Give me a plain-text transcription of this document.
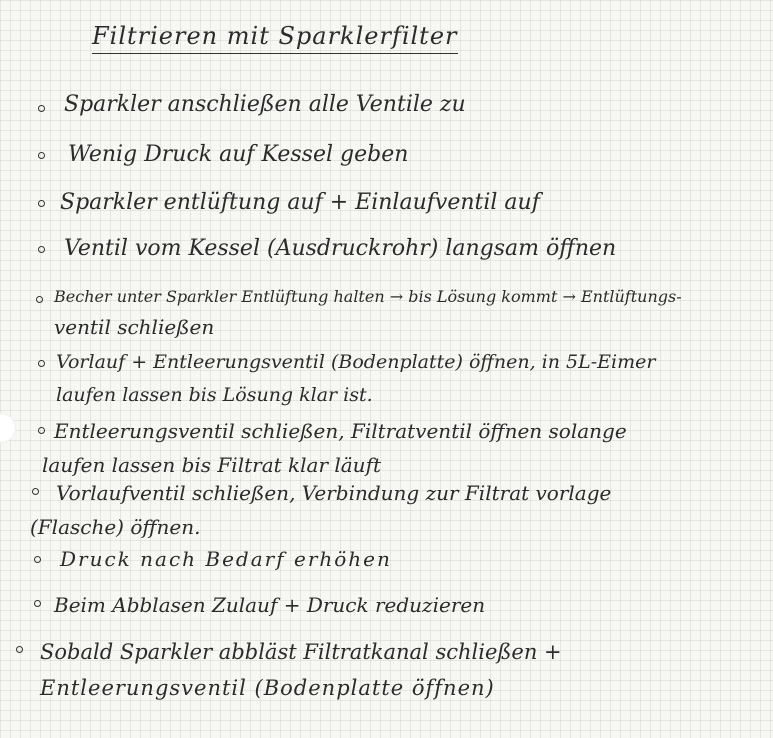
Filtrieren mit Sparklerfilter
Sparkler anschließen alle Ventile zu
Wenig Druck auf Kessel geben
Sparkler entlüftung auf + Einlaufventil auf
Ventil vom Kessel (Ausdruckrohr) langsam öffnen
Becher unter Sparkler Entlüftung halten → bis Lösung kommt → Entlüftungs-
ventil schließen
Vorlauf + Entleerungsventil (Bodenplatte) öffnen, in 5L-Eimer
laufen lassen bis Lösung klar ist.
Entleerungsventil schließen, Filtratventil öffnen solange
laufen lassen bis Filtrat klar läuft
Vorlaufventil schließen, Verbindung zur Filtrat vorlage
(Flasche) öffnen.
Druck nach Bedarf erhöhen
Beim Abblasen Zulauf + Druck reduzieren
Sobald Sparkler abbläst Filtratkanal schließen +
Entleerungsventil (Bodenplatte öffnen)
